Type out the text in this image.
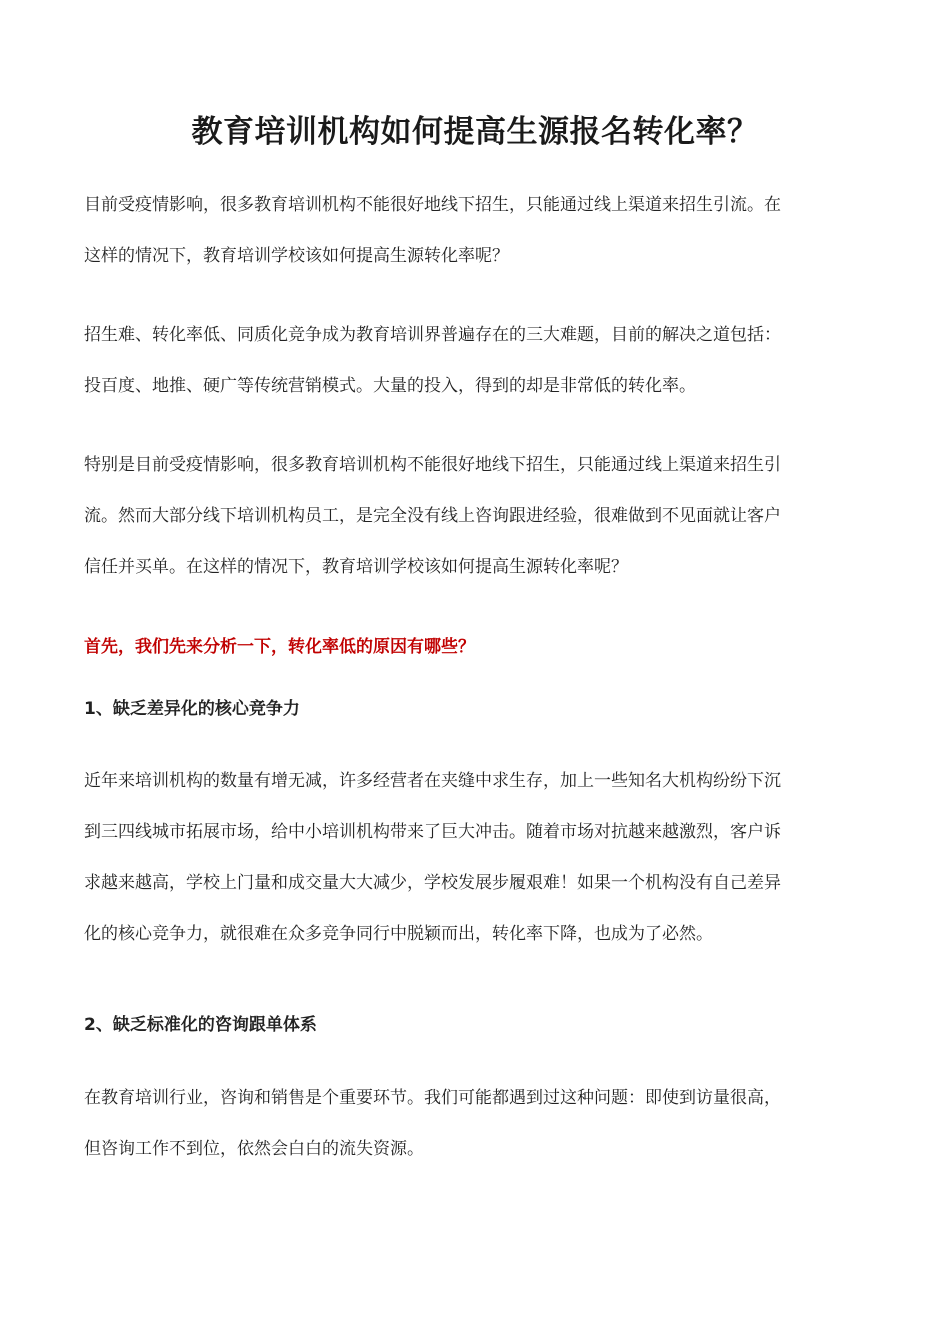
教育培训机构如何提高生源报名转化率？
目前受疫情影响，很多教育培训机构不能很好地线下招生，只能通过线上渠道来招生引流。在
这样的情况下，教育培训学校该如何提高生源转化率呢？
招生难、转化率低、同质化竞争成为教育培训界普遍存在的三大难题，目前的解决之道包括：
投百度、地推、硬广等传统营销模式。大量的投入，得到的却是非常低的转化率。
特别是目前受疫情影响，很多教育培训机构不能很好地线下招生，只能通过线上渠道来招生引
流。然而大部分线下培训机构员工，是完全没有线上咨询跟进经验，很难做到不见面就让客户
信任并买单。在这样的情况下，教育培训学校该如何提高生源转化率呢？

首先，我们先来分析一下，转化率低的原因有哪些？

1、缺乏差异化的核心竞争力

近年来培训机构的数量有增无减，许多经营者在夹缝中求生存，加上一些知名大机构纷纷下沉
到三四线城市拓展市场，给中小培训机构带来了巨大冲击。随着市场对抗越来越激烈，客户诉
求越来越高，学校上门量和成交量大大减少，学校发展步履艰难！如果一个机构没有自己差异
化的核心竞争力，就很难在众多竞争同行中脱颖而出，转化率下降，也成为了必然。

2、缺乏标准化的咨询跟单体系

在教育培训行业，咨询和销售是个重要环节。我们可能都遇到过这种问题：即使到访量很高，
但咨询工作不到位，依然会白白的流失资源。
